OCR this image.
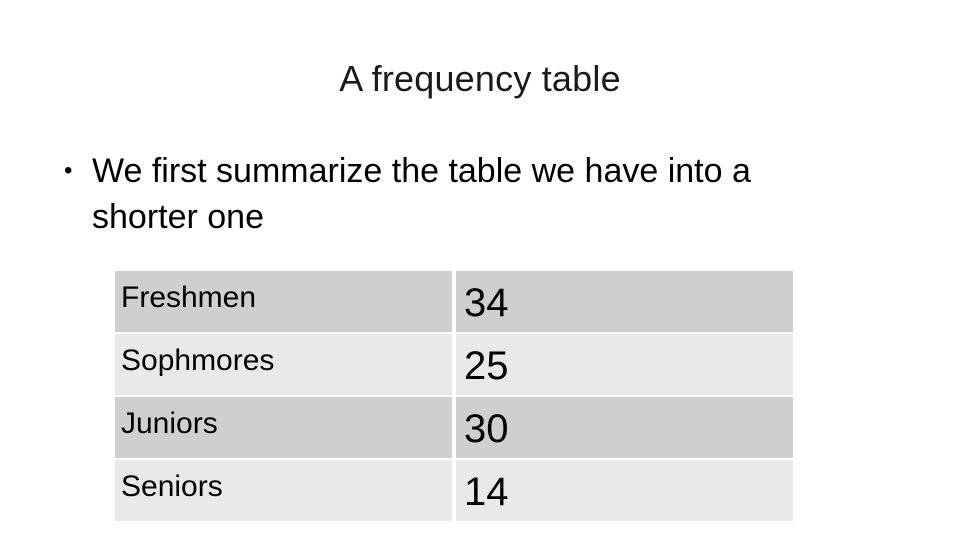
A frequency table
• We first summarize the table we have into a
shorter one
Freshmen	34
Sophmores	25
Juniors	30
Seniors	14
